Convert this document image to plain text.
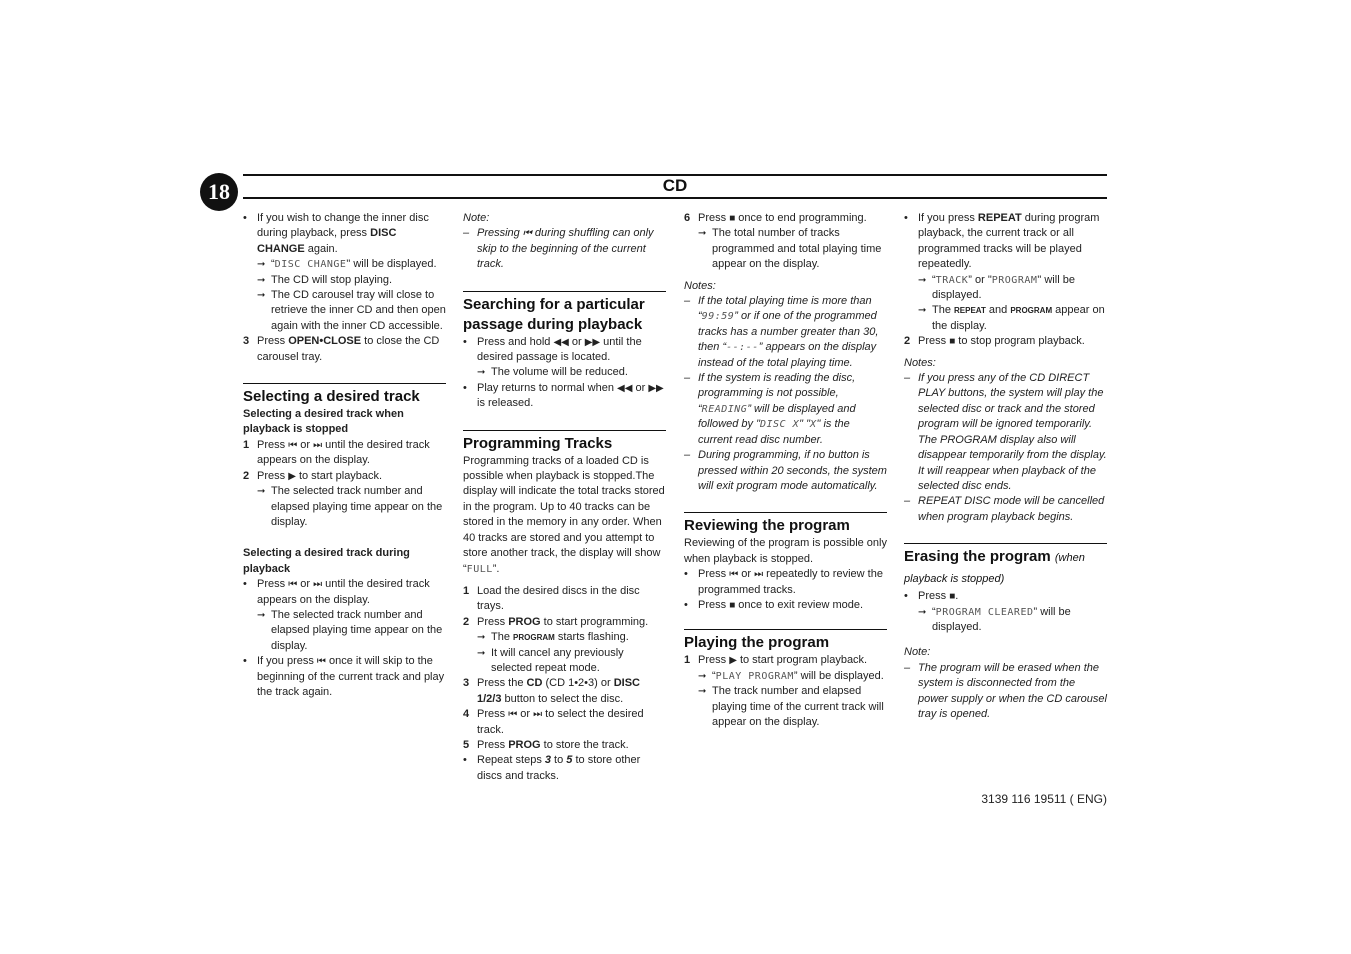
18	CD
• If you wish to change the inner disc during playback, press DISC CHANGE again.
➞ “DISC CHANGE" will be displayed.
➞ The CD will stop playing.
➞ The CD carousel tray will close to retrieve the inner CD and then open again with the inner CD accessible.
3 Press OPEN•CLOSE to close the CD carousel tray.
Selecting a desired track
Selecting a desired track when playback is stopped
1 Press ⏮ or ⏭ until the desired track appears on the display.
2 Press ▶ to start playback.
➞ The selected track number and elapsed playing time appear on the display.
Selecting a desired track during playback
• Press ⏮ or ⏭ until the desired track appears on the display.
➞ The selected track number and elapsed playing time appear on the display.
• If you press ⏮ once it will skip to the beginning of the current track and play the track again.
Note:
– Pressing ⏮ during shuffling can only skip to the beginning of the current track.
Searching for a particular passage during playback
• Press and hold ◀◀ or ▶▶ until the desired passage is located.
➞ The volume will be reduced.
• Play returns to normal when ◀◀ or ▶▶ is released.
Programming Tracks
Programming tracks of a loaded CD is possible when playback is stopped.The display will indicate the total tracks stored in the program. Up to 40 tracks can be stored in the memory in any order. When 40 tracks are stored and you attempt to store another track, the display will show “FULL”.
1 Load the desired discs in the disc trays.
2 Press PROG to start programming.
➞ The program starts flashing.
➞ It will cancel any previously selected repeat mode.
3 Press the CD (CD 1•2•3) or DISC 1/2/3 button to select the disc.
4 Press ⏮ or ⏭ to select the desired track.
5 Press PROG to store the track.
• Repeat steps 3 to 5 to store other discs and tracks.
6 Press ■ once to end programming.
➞ The total number of tracks programmed and total playing time appear on the display.
Notes:
– If the total playing time is more than “99:59” or if one of the programmed tracks has a number greater than 30, then “--:--” appears on the display instead of the total playing time.
– If the system is reading the disc, programming is not possible, “READING” will be displayed and followed by "DISC X" "X" is the current read disc number.
– During programming, if no button is pressed within 20 seconds, the system will exit program mode automatically.
Reviewing the program
Reviewing of the program is possible only when playback is stopped.
• Press ⏮ or ⏭ repeatedly to review the programmed tracks.
• Press ■ once to exit review mode.
Playing the program
1 Press ▶ to start program playback.
➞ “PLAY PROGRAM” will be displayed.
➞ The track number and elapsed playing time of the current track will appear on the display.
• If you press REPEAT during program playback, the current track or all programmed tracks will be played repeatedly.
➞ “TRACK” or "PROGRAM" will be displayed.
➞ The repeat and program appear on the display.
2 Press ■ to stop program playback.
Notes:
– If you press any of the CD DIRECT PLAY buttons, the system will play the selected disc or track and the stored program will be ignored temporarily. The PROGRAM display also will disappear temporarily from the display. It will reappear when playback of the selected disc ends.
– REPEAT DISC mode will be cancelled when program playback begins.
Erasing the program (when playback is stopped)
• Press ■.
➞ “PROGRAM CLEARED” will be displayed.
Note:
– The program will be erased when the system is disconnected from the power supply or when the CD carousel tray is opened.
3139 116 19511 ( ENG)
